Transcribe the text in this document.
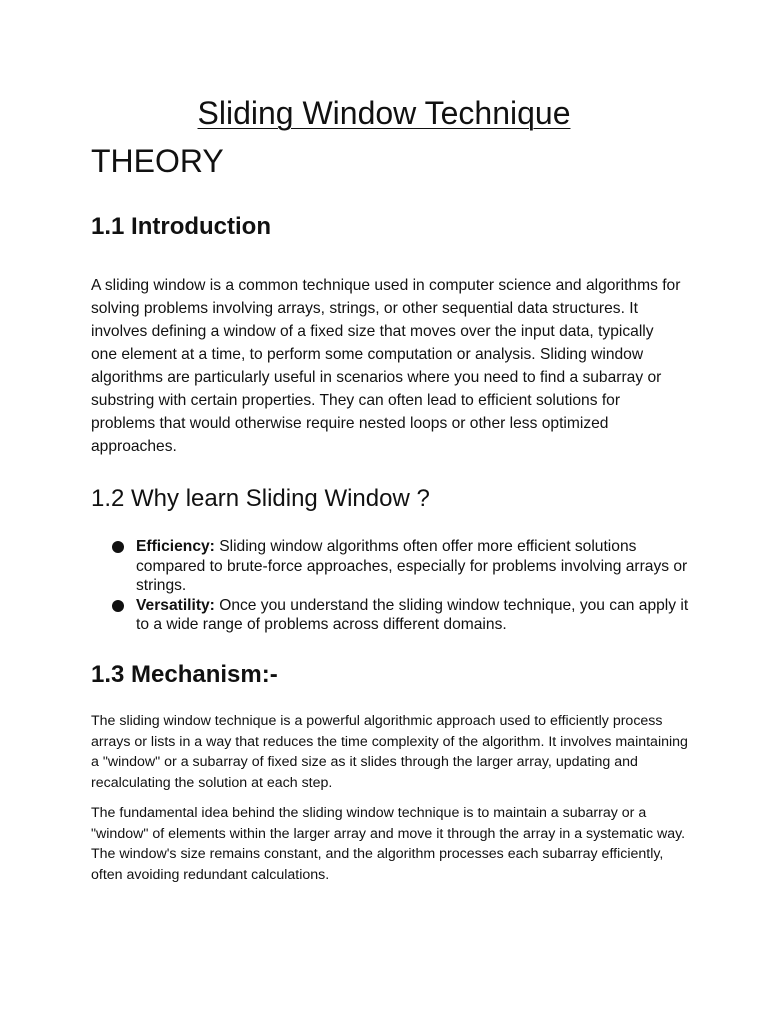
Sliding Window Technique
THEORY
1.1 Introduction

A sliding window is a common technique used in computer science and algorithms for solving problems involving arrays, strings, or other sequential data structures. It involves defining a window of a fixed size that moves over the input data, typically one element at a time, to perform some computation or analysis. Sliding window algorithms are particularly useful in scenarios where you need to find a subarray or substring with certain properties. They can often lead to efficient solutions for problems that would otherwise require nested loops or other less optimized approaches.

1.2 Why learn Sliding Window ?
Efficiency: Sliding window algorithms often offer more efficient solutions compared to brute-force approaches, especially for problems involving arrays or strings.
Versatility: Once you understand the sliding window technique, you can apply it to a wide range of problems across different domains.
1.3 Mechanism:-

The sliding window technique is a powerful algorithmic approach used to efficiently process arrays or lists in a way that reduces the time complexity of the algorithm. It involves maintaining a "window" or a subarray of fixed size as it slides through the larger array, updating and recalculating the solution at each step.

The fundamental idea behind the sliding window technique is to maintain a subarray or a "window" of elements within the larger array and move it through the array in a systematic way. The window's size remains constant, and the algorithm processes each subarray efficiently, often avoiding redundant calculations.
